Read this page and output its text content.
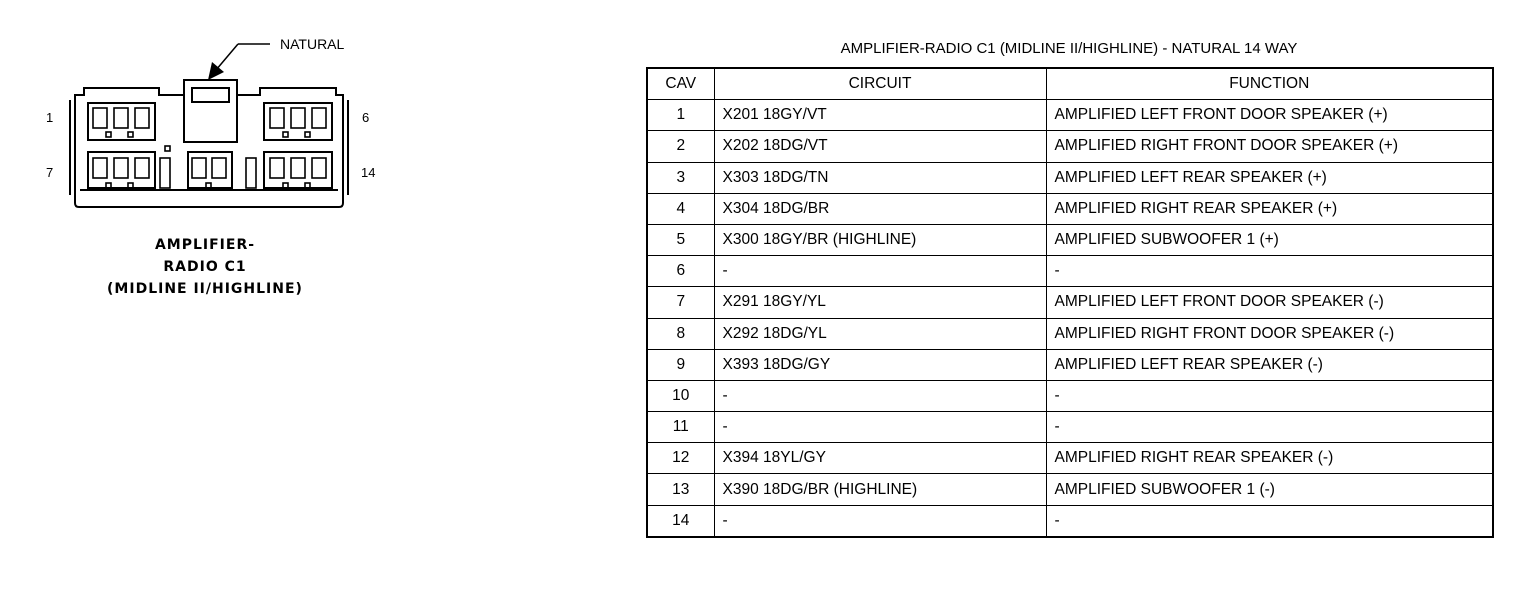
NATURAL
1	6
7	14
AMPLIFIER-
RADIO C1
(MIDLINE II/HIGHLINE)
AMPLIFIER-RADIO C1 (MIDLINE II/HIGHLINE) - NATURAL 14 WAY
CAV	CIRCUIT	FUNCTION
1	X201 18GY/VT	AMPLIFIED LEFT FRONT DOOR SPEAKER (+)
2	X202 18DG/VT	AMPLIFIED RIGHT FRONT DOOR SPEAKER (+)
3	X303 18DG/TN	AMPLIFIED LEFT REAR SPEAKER (+)
4	X304 18DG/BR	AMPLIFIED RIGHT REAR SPEAKER (+)
5	X300 18GY/BR (HIGHLINE)	AMPLIFIED SUBWOOFER 1 (+)
6	-	-
7	X291 18GY/YL	AMPLIFIED LEFT FRONT DOOR SPEAKER (-)
8	X292 18DG/YL	AMPLIFIED RIGHT FRONT DOOR SPEAKER (-)
9	X393 18DG/GY	AMPLIFIED LEFT REAR SPEAKER (-)
10	-	-
11	-	-
12	X394 18YL/GY	AMPLIFIED RIGHT REAR SPEAKER (-)
13	X390 18DG/BR (HIGHLINE)	AMPLIFIED SUBWOOFER 1 (-)
14	-	-
